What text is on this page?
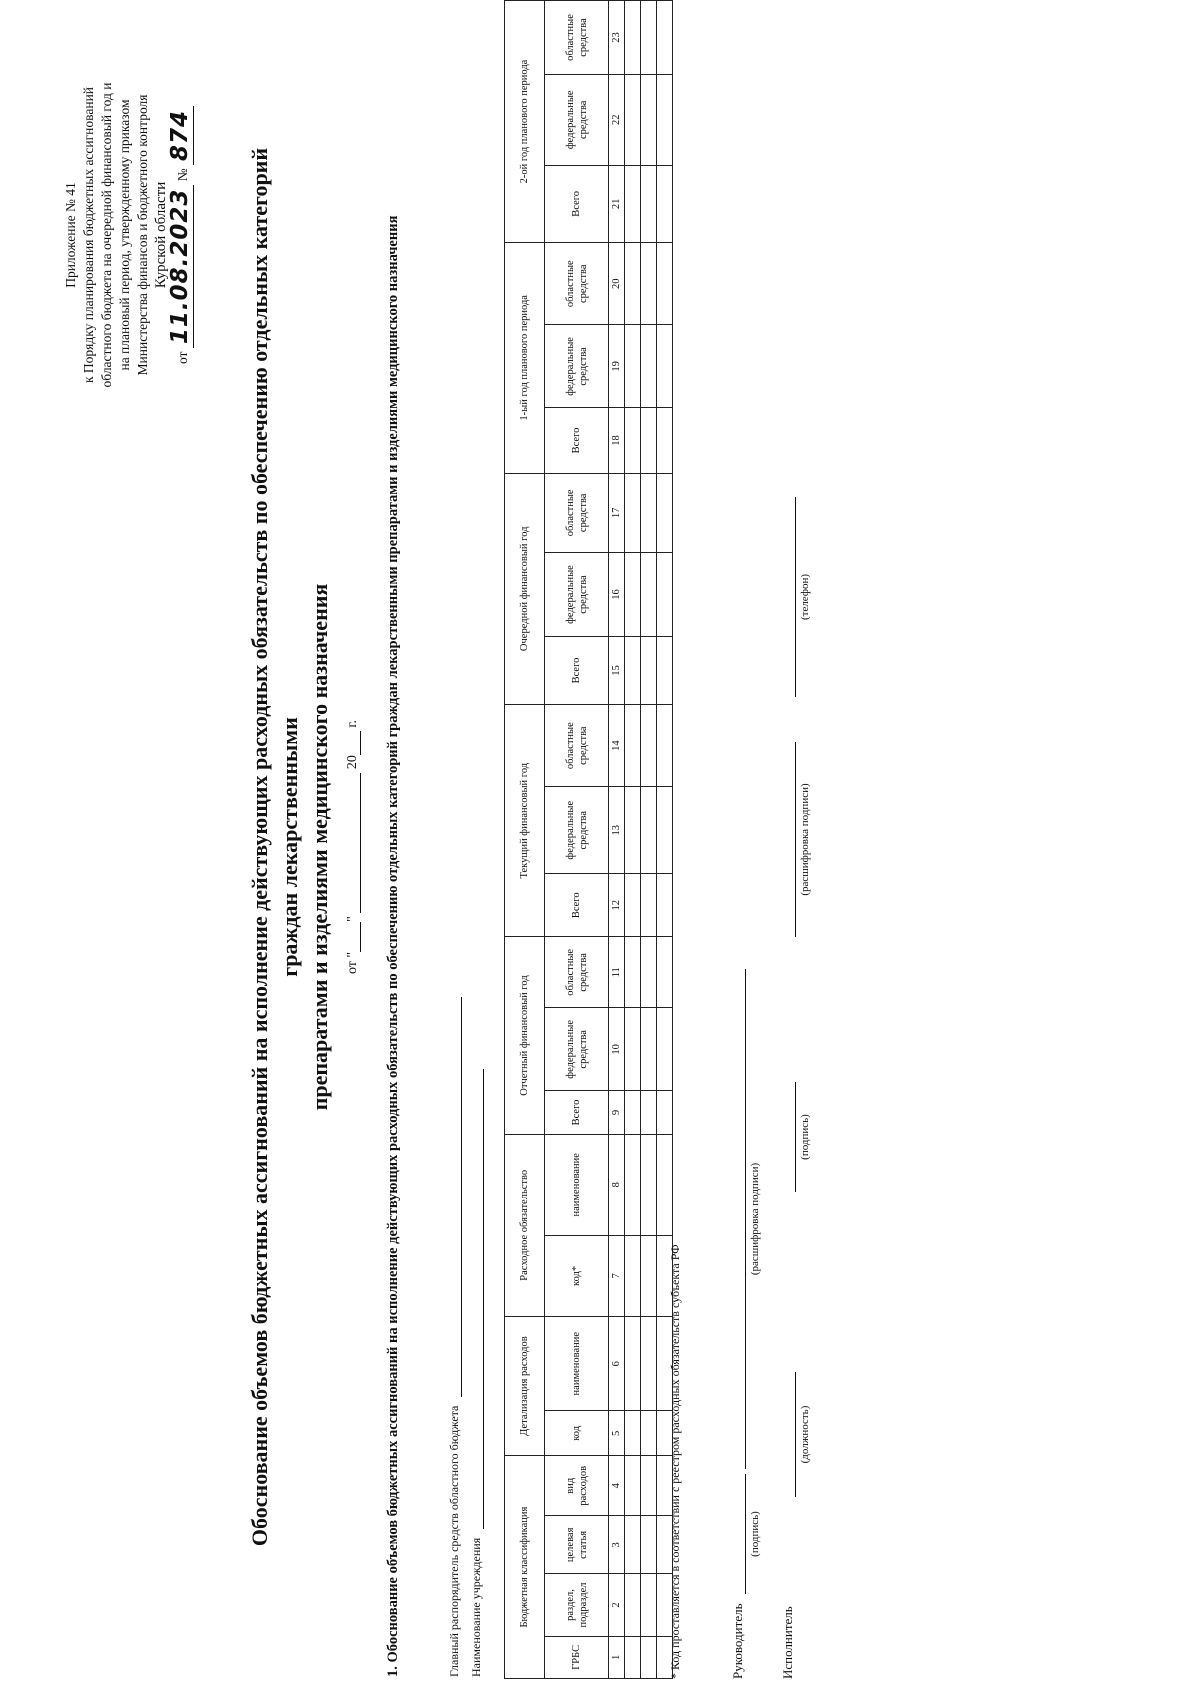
Приложение № 41 к Порядку планирования бюджетных ассигнований областного бюджета на очередной финансовый год и на плановый период, утвержденному приказом Министерства финансов и бюджетного контроля Курской области
от 11.08.2023 № 874
Обоснование объемов бюджетных ассигнований на исполнение действующих расходных обязательств по обеспечению отдельных категорий граждан лекарственными препаратами и изделиями медицинского назначения от ""  20 г. 1. Обоснование объемов бюджетных ассигнований на исполнение действующих расходных обязательств по обеспечению отдельных категорий граждан лекарственными препаратами и изделиями медицинского назначения	Главный распорядитель средств областного бюджета Наименование учреждения	Бюджетная классификация				Детализация расходов		Расходное обязательство		Отчетный финансовый год			Текущий финансовый год			Очередной финансовый год			1-ый год планового периода			2-ой год планового периода		
ГРБС	раздел, подраздел	целевая статья	вид расходов	код	наименование	код*	наименование	Всего	федеральные средства	областные средства	Всего	федеральные средства	областные средства	Всего	федеральные средства	областные средства	Всего	федеральные средства	областные средства	Всего	федеральные средства	областные средства
1	2	3	4	5	6	7	8	9	10	11	12	13	14	15	16	17	18	19	20	21	22	23

* Код проставляется в соответствии с реестром расходных обязательств субъекта РФ	Руководитель
(подпись)
(расшифровка подписи)
Исполнитель
(должность)
(подпись)
(расшифровка подписи)
(телефон)
